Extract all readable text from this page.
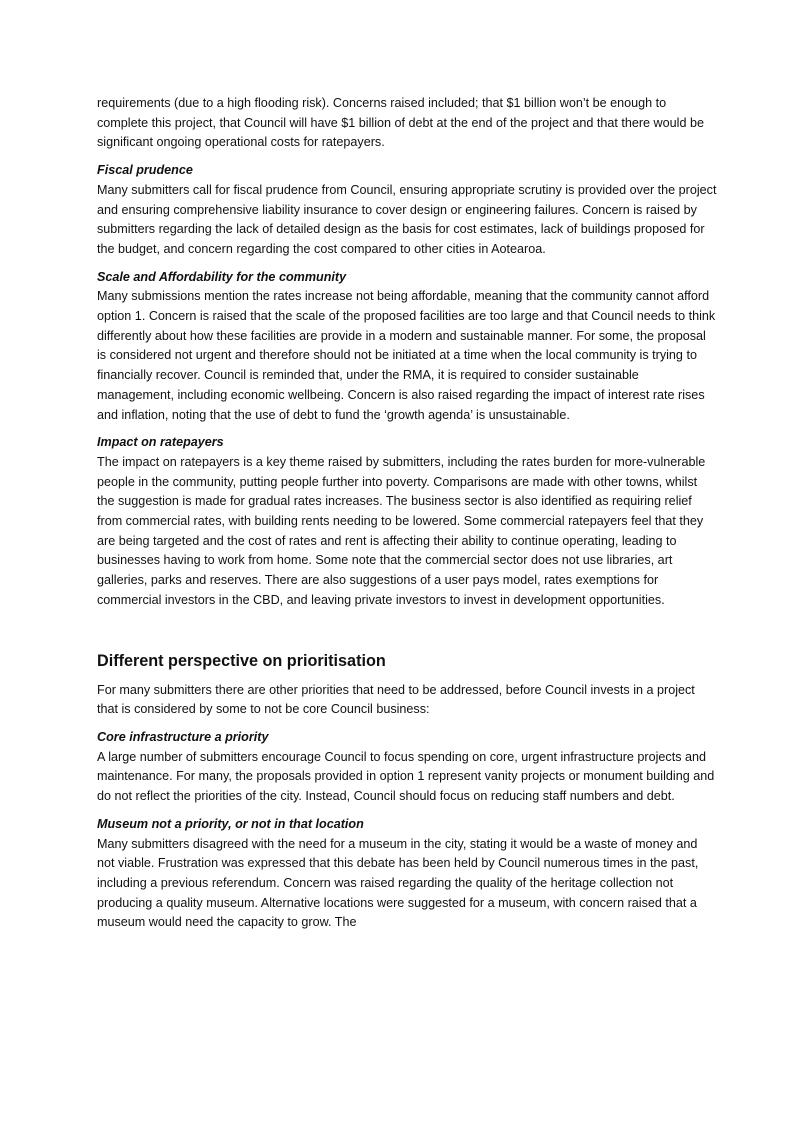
requirements (due to a high flooding risk). Concerns raised included; that $1 billion won’t be enough to complete this project, that Council will have $1 billion of debt at the end of the project and that there would be significant ongoing operational costs for ratepayers.

Fiscal prudence

Many submitters call for fiscal prudence from Council, ensuring appropriate scrutiny is provided over the project and ensuring comprehensive liability insurance to cover design or engineering failures. Concern is raised by submitters regarding the lack of detailed design as the basis for cost estimates, lack of buildings proposed for the budget, and concern regarding the cost compared to other cities in Aotearoa.

Scale and Affordability for the community

Many submissions mention the rates increase not being affordable, meaning that the community cannot afford option 1. Concern is raised that the scale of the proposed facilities are too large and that Council needs to think differently about how these facilities are provide in a modern and sustainable manner. For some, the proposal is considered not urgent and therefore should not be initiated at a time when the local community is trying to financially recover. Council is reminded that, under the RMA, it is required to consider sustainable management, including economic wellbeing. Concern is also raised regarding the impact of interest rate rises and inflation, noting that the use of debt to fund the ‘growth agenda’ is unsustainable.

Impact on ratepayers

The impact on ratepayers is a key theme raised by submitters, including the rates burden for more-vulnerable people in the community, putting people further into poverty. Comparisons are made with other towns, whilst the suggestion is made for gradual rates increases. The business sector is also identified as requiring relief from commercial rates, with building rents needing to be lowered. Some commercial ratepayers feel that they are being targeted and the cost of rates and rent is affecting their ability to continue operating, leading to businesses having to work from home. Some note that the commercial sector does not use libraries, art galleries, parks and reserves. There are also suggestions of a user pays model, rates exemptions for commercial investors in the CBD, and leaving private investors to invest in development opportunities.

Different perspective on prioritisation

For many submitters there are other priorities that need to be addressed, before Council invests in a project that is considered by some to not be core Council business:

Core infrastructure a priority

A large number of submitters encourage Council to focus spending on core, urgent infrastructure projects and maintenance. For many, the proposals provided in option 1 represent vanity projects or monument building and do not reflect the priorities of the city. Instead, Council should focus on reducing staff numbers and debt.

Museum not a priority, or not in that location

Many submitters disagreed with the need for a museum in the city, stating it would be a waste of money and not viable. Frustration was expressed that this debate has been held by Council numerous times in the past, including a previous referendum. Concern was raised regarding the quality of the heritage collection not producing a quality museum. Alternative locations were suggested for a museum, with concern raised that a museum would need the capacity to grow. The
